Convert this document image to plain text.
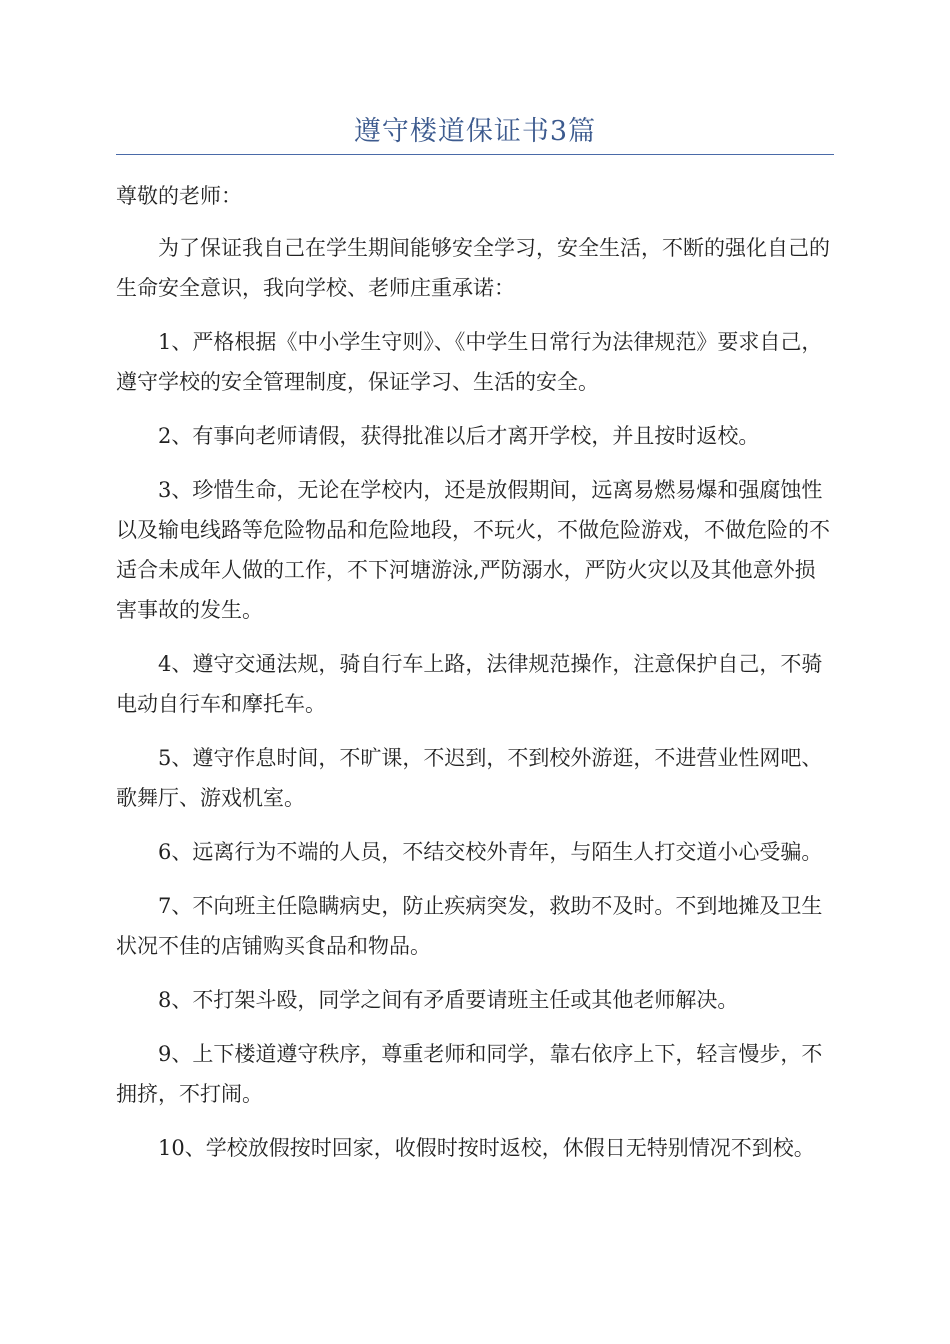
遵守楼道保证书3篇

尊敬的老师：

为了保证我自己在学生期间能够安全学习，安全生活，不断的强化自己的生命安全意识，我向学校、老师庄重承诺：

1、严格根据《中小学生守则》、《中学生日常行为法律规范》要求自己，遵守学校的安全管理制度，保证学习、生活的安全。

2、有事向老师请假，获得批准以后才离开学校，并且按时返校。

3、珍惜生命，无论在学校内，还是放假期间，远离易燃易爆和强腐蚀性以及输电线路等危险物品和危险地段，不玩火，不做危险游戏，不做危险的不适合未成年人做的工作，不下河塘游泳,严防溺水，严防火灾以及其他意外损害事故的发生。

4、遵守交通法规，骑自行车上路，法律规范操作，注意保护自己，不骑电动自行车和摩托车。

5、遵守作息时间，不旷课，不迟到，不到校外游逛，不进营业性网吧、歌舞厅、游戏机室。

6、远离行为不端的人员，不结交校外青年，与陌生人打交道小心受骗。

7、不向班主任隐瞒病史，防止疾病突发，救助不及时。不到地摊及卫生状况不佳的店铺购买食品和物品。

8、不打架斗殴，同学之间有矛盾要请班主任或其他老师解决。

9、上下楼道遵守秩序，尊重老师和同学，靠右依序上下，轻言慢步，不拥挤，不打闹。

10、学校放假按时回家，收假时按时返校，休假日无特别情况不到校。
